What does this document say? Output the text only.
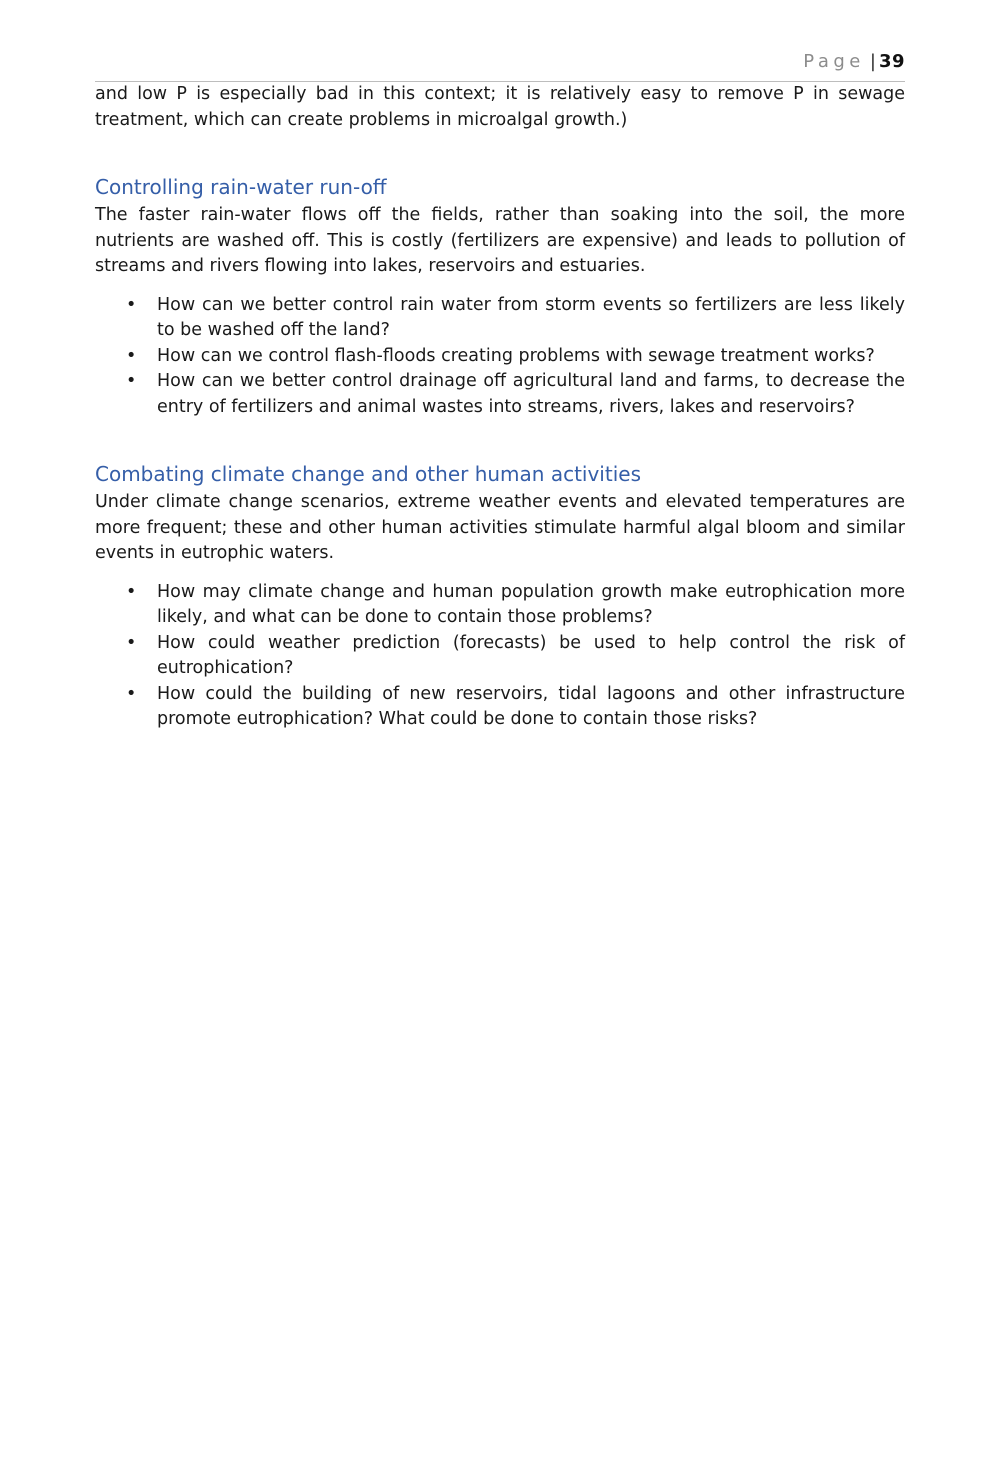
Page | 39

and low P is especially bad in this context; it is relatively easy to remove P in sewage treatment, which can create problems in microalgal growth.)

Controlling rain-water run-off

The faster rain-water flows off the fields, rather than soaking into the soil, the more nutrients are washed off. This is costly (fertilizers are expensive) and leads to pollution of streams and rivers flowing into lakes, reservoirs and estuaries.

•	How can we better control rain water from storm events so fertilizers are less likely to be washed off the land?
•	How can we control flash-floods creating problems with sewage treatment works?
•	How can we better control drainage off agricultural land and farms, to decrease the entry of fertilizers and animal wastes into streams, rivers, lakes and reservoirs?
Combating climate change and other human activities

Under climate change scenarios, extreme weather events and elevated temperatures are more frequent; these and other human activities stimulate harmful algal bloom and similar events in eutrophic waters.

•	How may climate change and human population growth make eutrophication more likely, and what can be done to contain those problems?
•	How could weather prediction (forecasts) be used to help control the risk of eutrophication?
•	How could the building of new reservoirs, tidal lagoons and other infrastructure promote eutrophication? What could be done to contain those risks?
